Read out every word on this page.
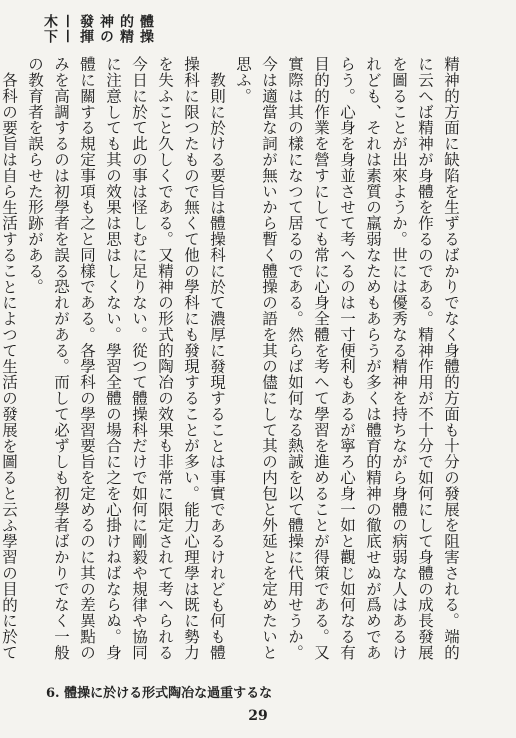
體操的精神の發揮——木下

精神的方面に缺陷を生ずるばかりでなく身體的方面も十分の發展を阻害される。端的に云へば精神が身體を作るのである。精神作用が不十分で如何にして身體の成長發展を圖ることが出來ようか。世には優秀なる精神を持ちながら身體の病弱な人はあるけれども、それは素質の羸弱なためもあらうが多くは體育的精神の徹底せぬが爲めであらう。心身を身並させて考へるのは一寸便利もあるが寧ろ心身一如と觀じ如何なる有目的的作業を營すにしても常に心身全體を考へて學習を進めることが得策である。又實際は其の樣になつて居るのである。然らば如何なる熱誠を以て體操に代用せうか。今は適當な詞が無いから暫く體操の語を其の儘にして其の内包と外延とを定めたいと思ふ。

教則に於ける要旨は體操科に於て濃厚に發現することは事實であるけれども何も體操科に限つたもので無くて他の學科にも發現することが多い。能力心理學は既に勢力を失ふこと久しくである。又精神の形式的陶冶の效果も非常に限定されて考へられる今日に於て此の事は怪しむに足りない。從つて體操科だけで如何に剛毅や規律や協同に注意しても其の效果は思はしくない。學習全體の場合に之を心掛けねばならぬ。身體に關する規定事項も之と同樣である。各學科の學習要旨を定めるのに其の差異點のみを高調するのは初學者を誤る恐れがある。而して必ずしも初學者ばかりでなく一般の教育者を誤らせた形跡がある。

各科の要旨は自ら生活することによつて生活の發展を圖ると云ふ學習の目的に於て

6. 體操に於ける形式陶冶な過重するな
29
